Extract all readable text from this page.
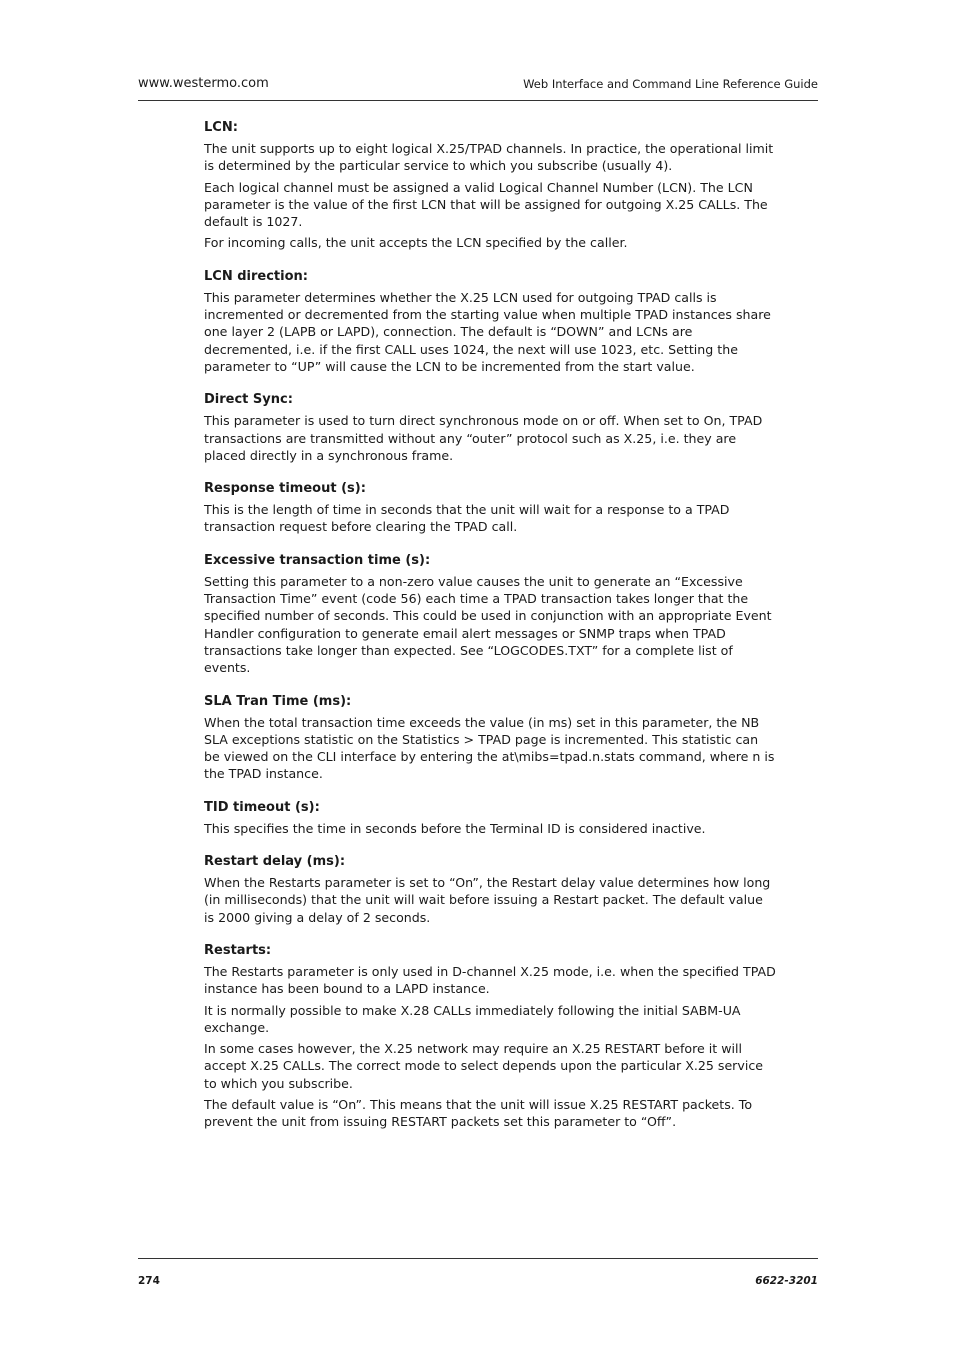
www.westermo.com	Web Interface and Command Line Reference Guide
LCN:

The unit supports up to eight logical X.25/TPAD channels. In practice, the operational limit is determined by the particular service to which you subscribe (usually 4).

Each logical channel must be assigned a valid Logical Channel Number (LCN). The LCN parameter is the value of the first LCN that will be assigned for outgoing X.25 CALLs. The default is 1027.

For incoming calls, the unit accepts the LCN specified by the caller.

LCN direction:

This parameter determines whether the X.25 LCN used for outgoing TPAD calls is incremented or decremented from the starting value when multiple TPAD instances share one layer 2 (LAPB or LAPD), connection. The default is “DOWN” and LCNs are decremented, i.e. if the first CALL uses 1024, the next will use 1023, etc. Setting the parameter to “UP” will cause the LCN to be incremented from the start value.

Direct Sync:

This parameter is used to turn direct synchronous mode on or off. When set to On, TPAD transactions are transmitted without any “outer” protocol such as X.25, i.e. they are placed directly in a synchronous frame.

Response timeout (s):

This is the length of time in seconds that the unit will wait for a response to a TPAD transaction request before clearing the TPAD call.

Excessive transaction time (s):

Setting this parameter to a non-zero value causes the unit to generate an “Excessive Transaction Time” event (code 56) each time a TPAD transaction takes longer that the specified number of seconds. This could be used in conjunction with an appropriate Event Handler configuration to generate email alert messages or SNMP traps when TPAD transactions take longer than expected. See “LOGCODES.TXT” for a complete list of events.

SLA Tran Time (ms):

When the total transaction time exceeds the value (in ms) set in this parameter, the NB SLA exceptions statistic on the Statistics > TPAD page is incremented. This statistic can be viewed on the CLI interface by entering the at\mibs=tpad.n.stats command, where n is the TPAD instance.

TID timeout (s):

This specifies the time in seconds before the Terminal ID is considered inactive.

Restart delay (ms):

When the Restarts parameter is set to “On”, the Restart delay value determines how long (in milliseconds) that the unit will wait before issuing a Restart packet. The default value is 2000 giving a delay of 2 seconds.

Restarts:

The Restarts parameter is only used in D-channel X.25 mode, i.e. when the specified TPAD instance has been bound to a LAPD instance.

It is normally possible to make X.28 CALLs immediately following the initial SABM-UA exchange.

In some cases however, the X.25 network may require an X.25 RESTART before it will accept X.25 CALLs. The correct mode to select depends upon the particular X.25 service to which you subscribe.

The default value is “On”. This means that the unit will issue X.25 RESTART packets. To prevent the unit from issuing RESTART packets set this parameter to “Off”.

274	6622-3201
